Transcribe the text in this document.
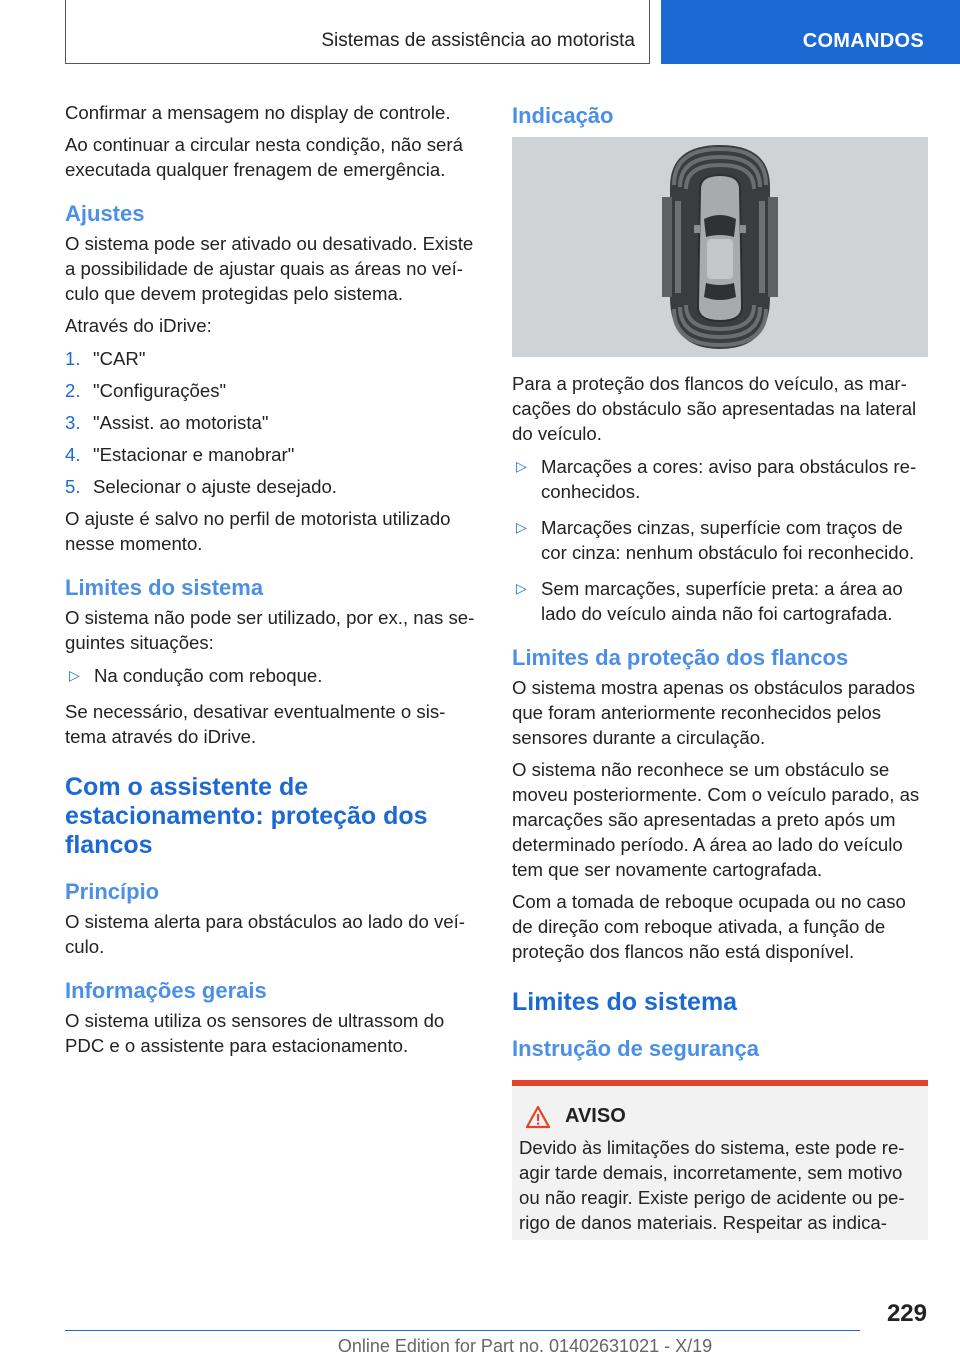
Sistemas de assistência ao motorista	COMANDOS

Confirmar a mensagem no display de controle.

Ao continuar a circular nesta condição, não será executada qualquer frenagem de emergência.

Ajustes

O sistema pode ser ativado ou desativado. Existe a possibilidade de ajustar quais as áreas no veículo que devem protegidas pelo sistema.

Através do iDrive:

1. "CAR"
2. "Configurações"
3. "Assist. ao motorista"
4. "Estacionar e manobrar"
5. Selecionar o ajuste desejado.

O ajuste é salvo no perfil de motorista utilizado nesse momento.

Limites do sistema

O sistema não pode ser utilizado, por ex., nas seguintes situações:

▷ Na condução com reboque.

Se necessário, desativar eventualmente o sistema através do iDrive.

Com o assistente de estacionamento: proteção dos flancos
Princípio

O sistema alerta para obstáculos ao lado do veículo.

Informações gerais

O sistema utiliza os sensores de ultrassom do PDC e o assistente para estacionamento.

Indicação

Para a proteção dos flancos do veículo, as marcações do obstáculo são apresentadas na lateral do veículo.

▷ Marcações a cores: aviso para obstáculos reconhecidos.
▷ Marcações cinzas, superfície com traços de cor cinza: nenhum obstáculo foi reconhecido.
▷ Sem marcações, superfície preta: a área ao lado do veículo ainda não foi cartografada.
Limites da proteção dos flancos

O sistema mostra apenas os obstáculos parados que foram anteriormente reconhecidos pelos sensores durante a circulação.

O sistema não reconhece se um obstáculo se moveu posteriormente. Com o veículo parado, as marcações são apresentadas a preto após um determinado período. A área ao lado do veículo tem que ser novamente cartografada.

Com a tomada de reboque ocupada ou no caso de direção com reboque ativada, a função de proteção dos flancos não está disponível.

Limites do sistema
Instrução de segurança
AVISO

Devido às limitações do sistema, este pode reagir tarde demais, incorretamente, sem motivo ou não reagir. Existe perigo de acidente ou perigo de danos materiais. Respeitar as indica-

229
Online Edition for Part no. 01402631021 - X/19
